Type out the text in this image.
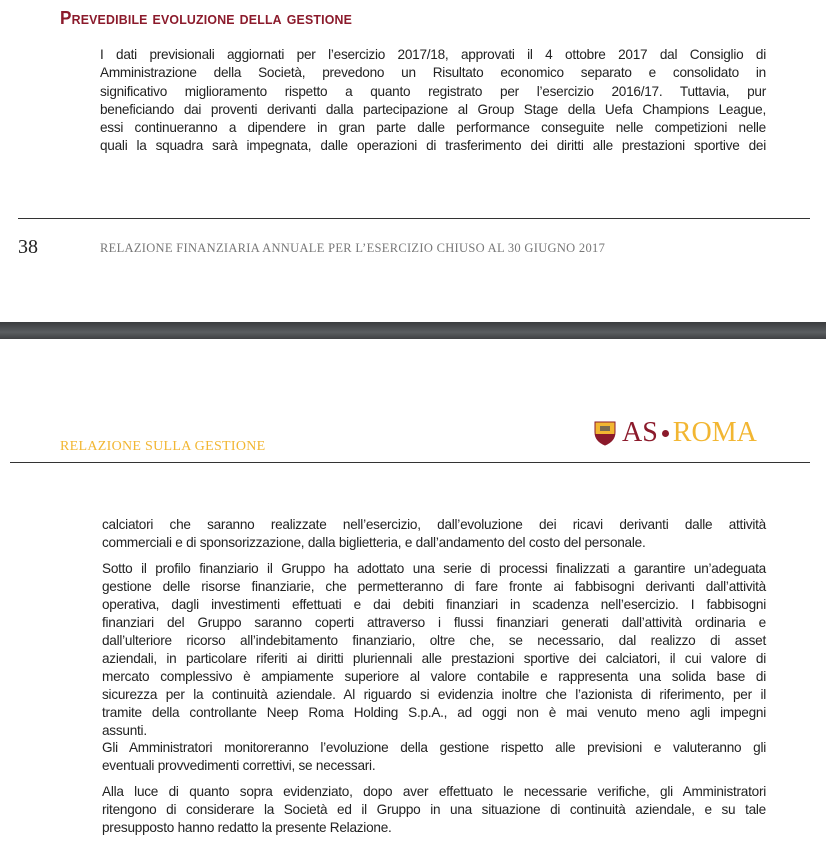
Prevedibile evoluzione della gestione
I dati previsionali aggiornati per l’esercizio 2017/18, approvati il 4 ottobre 2017 dal Consiglio di
Amministrazione della Società, prevedono un Risultato economico separato e consolidato in
significativo miglioramento rispetto a quanto registrato per l’esercizio 2016/17. Tuttavia, pur
beneficiando dai proventi derivanti dalla partecipazione al Group Stage della Uefa Champions League,
essi continueranno a dipendere in gran parte dalle performance conseguite nelle competizioni nelle
quali la squadra sarà impegnata, dalle operazioni di trasferimento dei diritti alle prestazioni sportive dei
38	RELAZIONE FINANZIARIA ANNUALE PER L’ESERCIZIO CHIUSO AL 30 GIUGNO 2017
RELAZIONE SULLA GESTIONE	AS ROMA
calciatori che saranno realizzate nell’esercizio, dall’evoluzione dei ricavi derivanti dalle attività
commerciali e di sponsorizzazione, dalla biglietteria, e dall’andamento del costo del personale.
Sotto il profilo finanziario il Gruppo ha adottato una serie di processi finalizzati a garantire un’adeguata
gestione delle risorse finanziarie, che permetteranno di fare fronte ai fabbisogni derivanti dall’attività
operativa, dagli investimenti effettuati e dai debiti finanziari in scadenza nell’esercizio. I fabbisogni
finanziari del Gruppo saranno coperti attraverso i flussi finanziari generati dall’attività ordinaria e
dall’ulteriore ricorso all’indebitamento finanziario, oltre che, se necessario, dal realizzo di asset
aziendali, in particolare riferiti ai diritti pluriennali alle prestazioni sportive dei calciatori, il cui valore di
mercato complessivo è ampiamente superiore al valore contabile e rappresenta una solida base di
sicurezza per la continuità aziendale. Al riguardo si evidenzia inoltre che l’azionista di riferimento, per il
tramite della controllante Neep Roma Holding S.p.A., ad oggi non è mai venuto meno agli impegni
assunti.
Gli Amministratori monitoreranno l’evoluzione della gestione rispetto alle previsioni e valuteranno gli
eventuali provvedimenti correttivi, se necessari.
Alla luce di quanto sopra evidenziato, dopo aver effettuato le necessarie verifiche, gli Amministratori
ritengono di considerare la Società ed il Gruppo in una situazione di continuità aziendale, e su tale
presupposto hanno redatto la presente Relazione.
